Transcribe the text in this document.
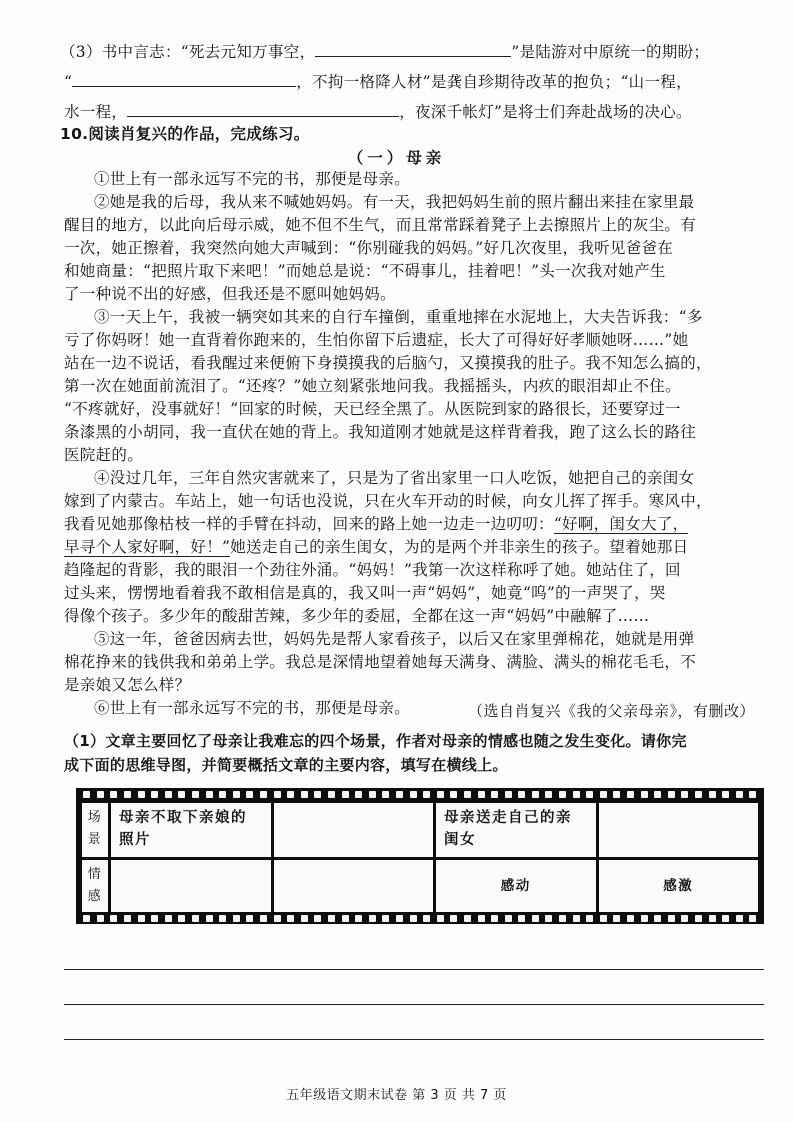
（3）书中言志：“死去元知万事空，	”是陆游对中原统一的期盼；
“	，不拘一格降人材”是龚自珍期待改革的抱负；“山一程，
水一程，	，夜深千帐灯”是将士们奔赴战场的决心。
10.阅读肖复兴的作品，完成练习。
（一）母亲
①世上有一部永远写不完的书，那便是母亲。
②她是我的后母，我从来不喊她妈妈。有一天，我把妈妈生前的照片翻出来挂在家里最
醒目的地方，以此向后母示威，她不但不生气，而且常常踩着凳子上去擦照片上的灰尘。有
一次，她正擦着，我突然向她大声喊到：“你别碰我的妈妈。”好几次夜里，我听见爸爸在
和她商量：“把照片取下来吧！”而她总是说：“不碍事儿，挂着吧！”头一次我对她产生
了一种说不出的好感，但我还是不愿叫她妈妈。
③一天上午，我被一辆突如其来的自行车撞倒，重重地摔在水泥地上，大夫告诉我：“多
亏了你妈呀！她一直背着你跑来的，生怕你留下后遗症，长大了可得好好孝顺她呀……”她
站在一边不说话，看我醒过来便俯下身摸摸我的后脑勺，又摸摸我的肚子。我不知怎么搞的，
第一次在她面前流泪了。“还疼？”她立刻紧张地问我。我摇摇头，内疚的眼泪却止不住。
“不疼就好，没事就好！”回家的时候，天已经全黑了。从医院到家的路很长，还要穿过一
条漆黑的小胡同，我一直伏在她的背上。我知道刚才她就是这样背着我，跑了这么长的路往
医院赶的。
④没过几年，三年自然灾害就来了，只是为了省出家里一口人吃饭，她把自己的亲闺女
嫁到了内蒙古。车站上，她一句话也没说，只在火车开动的时候，向女儿挥了挥手。寒风中，
我看见她那像枯枝一样的手臂在抖动，回来的路上她一边走一边叨叨：“好啊，闺女大了，
早寻个人家好啊，好！”她送走自己的亲生闺女，为的是两个并非亲生的孩子。望着她那日
趋隆起的背影，我的眼泪一个劲往外涌。“妈妈！”我第一次这样称呼了她。她站住了，回
过头来，愣愣地看着我不敢相信是真的，我又叫一声“妈妈”，她竟“呜”的一声哭了，哭
得像个孩子。多少年的酸甜苦辣，多少年的委屈，全都在这一声“妈妈”中融解了……
⑤这一年，爸爸因病去世，妈妈先是帮人家看孩子，以后又在家里弹棉花，她就是用弹
棉花挣来的钱供我和弟弟上学。我总是深情地望着她每天满身、满脸、满头的棉花毛毛，不
是亲娘又怎么样？
⑥世上有一部永远写不完的书，那便是母亲。	（选自肖复兴《我的父亲母亲》，有删改）
（1）文章主要回忆了母亲让我难忘的四个场景，作者对母亲的情感也随之发生变化。请你完
成下面的思维导图，并简要概括文章的主要内容，填写在横线上。
场景	母亲不取下亲娘的照片		母亲送走自己的亲闺女	
情感			感动	感激
五年级语文期末试卷 第 3 页 共 7 页
